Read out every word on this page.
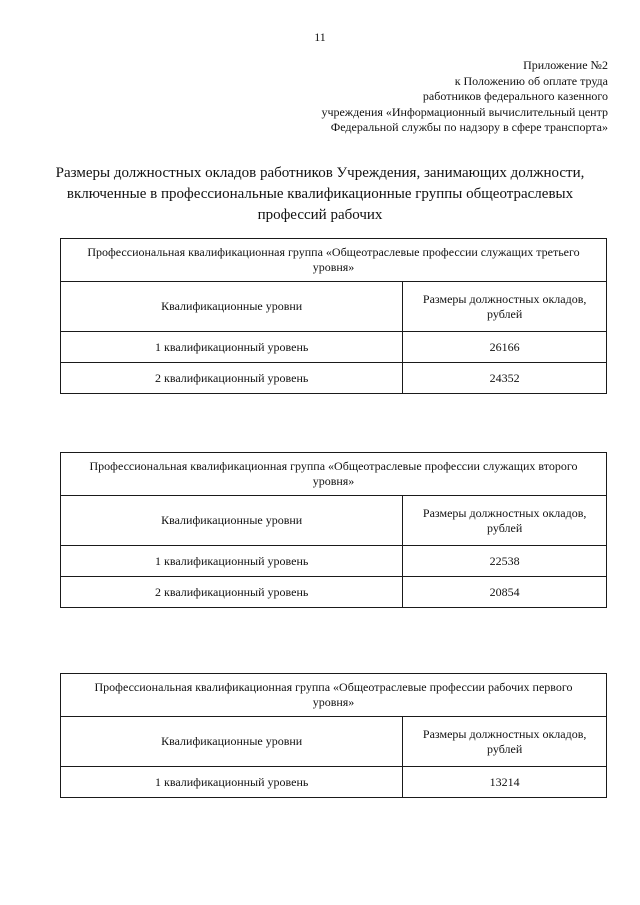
11
Приложение №2
к Положению об оплате труда
работников федерального казенного
учреждения «Информационный вычислительный центр
Федеральной службы по надзору в сфере транспорта»
Размеры должностных окладов работников Учреждения, занимающих должности,
включенные в профессиональные квалификационные группы общеотраслевых
профессий рабочих
Профессиональная квалификационная группа «Общеотраслевые профессии служащих третьего
уровня»	

Квалификационные уровни	Размеры должностных окладов,
рублей

1 квалификационный уровень	26166
2 квалификационный уровень	24352
Профессиональная квалификационная группа «Общеотраслевые профессии служащих второго
уровня»	

Квалификационные уровни	Размеры должностных окладов,
рублей

1 квалификационный уровень	22538
2 квалификационный уровень	20854
Профессиональная квалификационная группа «Общеотраслевые профессии рабочих первого
уровня»	

Квалификационные уровни	Размеры должностных окладов,
рублей

1 квалификационный уровень	13214
